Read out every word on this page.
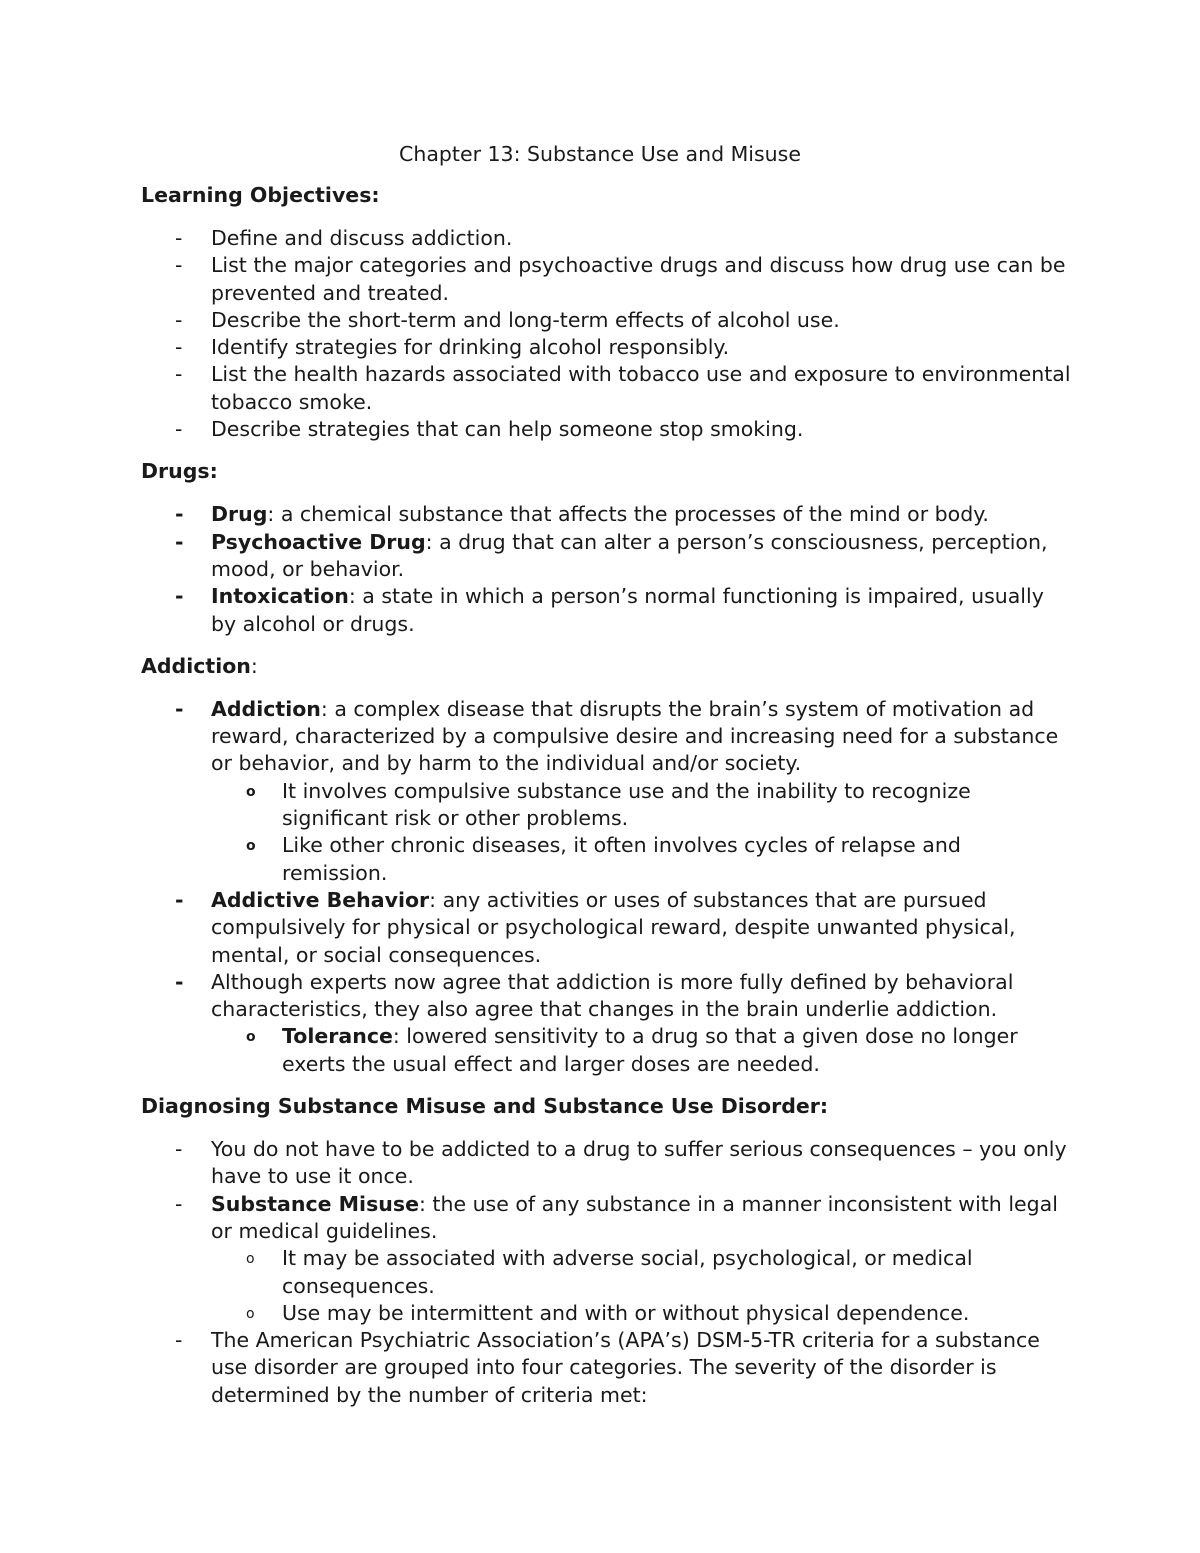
Chapter 13: Substance Use and Misuse
Learning Objectives:
-	Define and discuss addiction.
-	List the major categories and psychoactive drugs and discuss how drug use can be prevented and treated.
-	Describe the short-term and long-term effects of alcohol use.
-	Identify strategies for drinking alcohol responsibly.
-	List the health hazards associated with tobacco use and exposure to environmental tobacco smoke.
-	Describe strategies that can help someone stop smoking.
Drugs:
-	Drug: a chemical substance that affects the processes of the mind or body.
-	Psychoactive Drug: a drug that can alter a person’s consciousness, perception, mood, or behavior.
-	Intoxication: a state in which a person’s normal functioning is impaired, usually by alcohol or drugs.
Addiction:
-	Addiction: a complex disease that disrupts the brain’s system of motivation ad reward, characterized by a compulsive desire and increasing need for a substance or behavior, and by harm to the individual and/or society.
o It involves compulsive substance use and the inability to recognize significant risk or other problems.
o Like other chronic diseases, it often involves cycles of relapse and remission.
-	Addictive Behavior: any activities or uses of substances that are pursued compulsively for physical or psychological reward, despite unwanted physical, mental, or social consequences.
-	Although experts now agree that addiction is more fully defined by behavioral characteristics, they also agree that changes in the brain underlie addiction.
o Tolerance: lowered sensitivity to a drug so that a given dose no longer exerts the usual effect and larger doses are needed.
Diagnosing Substance Misuse and Substance Use Disorder:
-	You do not have to be addicted to a drug to suffer serious consequences – you only have to use it once.
-	Substance Misuse: the use of any substance in a manner inconsistent with legal or medical guidelines.
o It may be associated with adverse social, psychological, or medical consequences.
o Use may be intermittent and with or without physical dependence.
-	The American Psychiatric Association’s (APA’s) DSM-5-TR criteria for a substance use disorder are grouped into four categories. The severity of the disorder is determined by the number of criteria met:
